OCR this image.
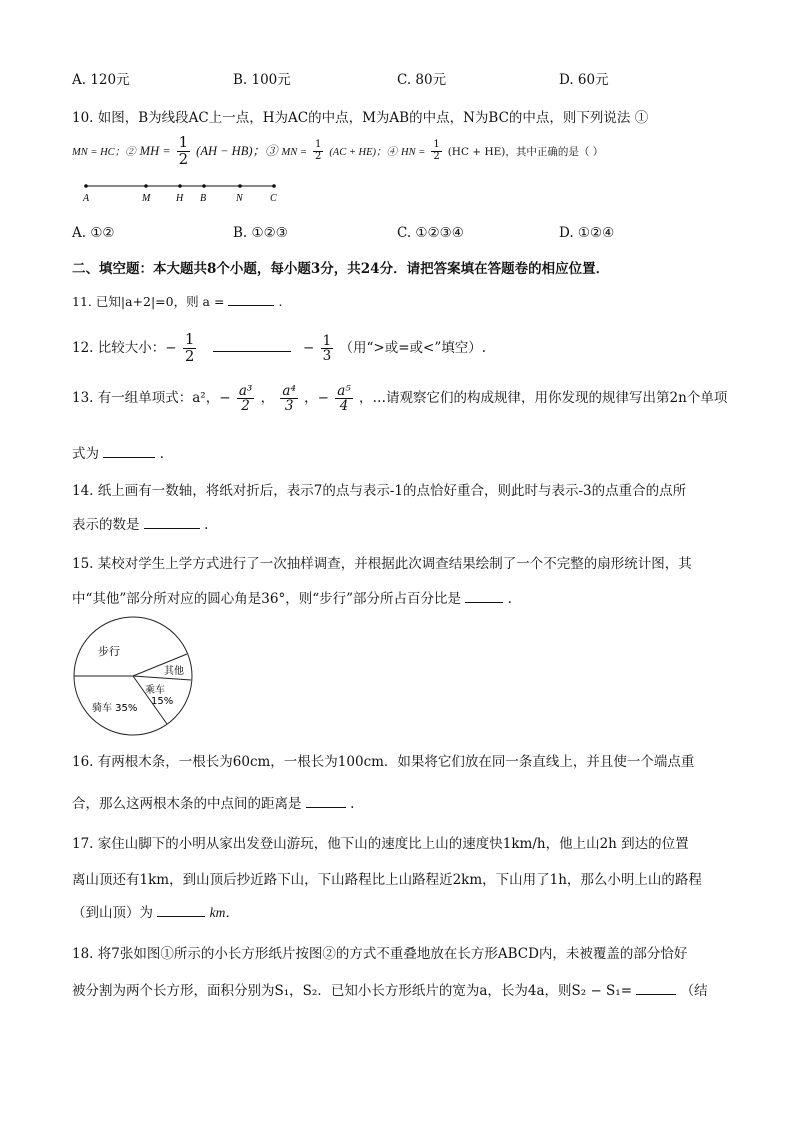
A. 120元	B. 100元	C. 80元	D. 60元
10. 如图，B为线段AC上一点，H为AC的中点，M为AB的中点，N为BC的中点，则下列说法 ①
MN = HC；② MH = $\frac{1}{2} (AH - HB)$；③ MN = $\frac{1}{2} (AC + HE)$；④ HN = $\frac{1}{2} (HC + HE)$，其中正确的是（ ）
A	M	H B	N	C
A. ①②	B. ①②③	C. ①②③④	D. ①②④
二、填空题：本大题共8个小题，每小题3分，共24分．请把答案填在答题卷的相应位置．
11. 已知|a+2|=0，则 a =	.
12. 比较大小：− $\frac{1}{2}$	− $\frac{1}{3}$ （用“>或=或<”填空）.
13. 有一组单项式：a²，− $\frac{\text{a³}}{2}$ ， $\frac{\text{a⁴}}{3}$ ，− $\frac{\text{a⁵}}{4}$ ，…请观察它们的构成规律，用你发现的规律写出第2n个单项
式为	.
14. 纸上画有一数轴，将纸对折后，表示7的点与表示-1的点恰好重合，则此时与表示-3的点重合的点所
表示的数是	.
15. 某校对学生上学方式进行了一次抽样调查，并根据此次调查结果绘制了一个不完整的扇形统计图，其
中“其他”部分所对应的圆心角是36°，则“步行”部分所占百分比是	.
步行
其他
乘车
15%
骑车 35%
16. 有两根木条，一根长为60cm，一根长为100cm．如果将它们放在同一条直线上，并且使一个端点重
合，那么这两根木条的中点间的距离是	.
17. 家住山脚下的小明从家出发登山游玩，他下山的速度比上山的速度快1km/h，他上山2h 到达的位置
离山顶还有1km，到山顶后抄近路下山，下山路程比上山路程近2km，下山用了1h，那么小明上山的路程
（到山顶）为	km．
18. 将7张如图①所示的小长方形纸片按图②的方式不重叠地放在长方形ABCD内，未被覆盖的部分恰好
被分割为两个长方形，面积分别为S₁，S₂．已知小长方形纸片的宽为a，长为4a，则S₂ − S₁=	（结
